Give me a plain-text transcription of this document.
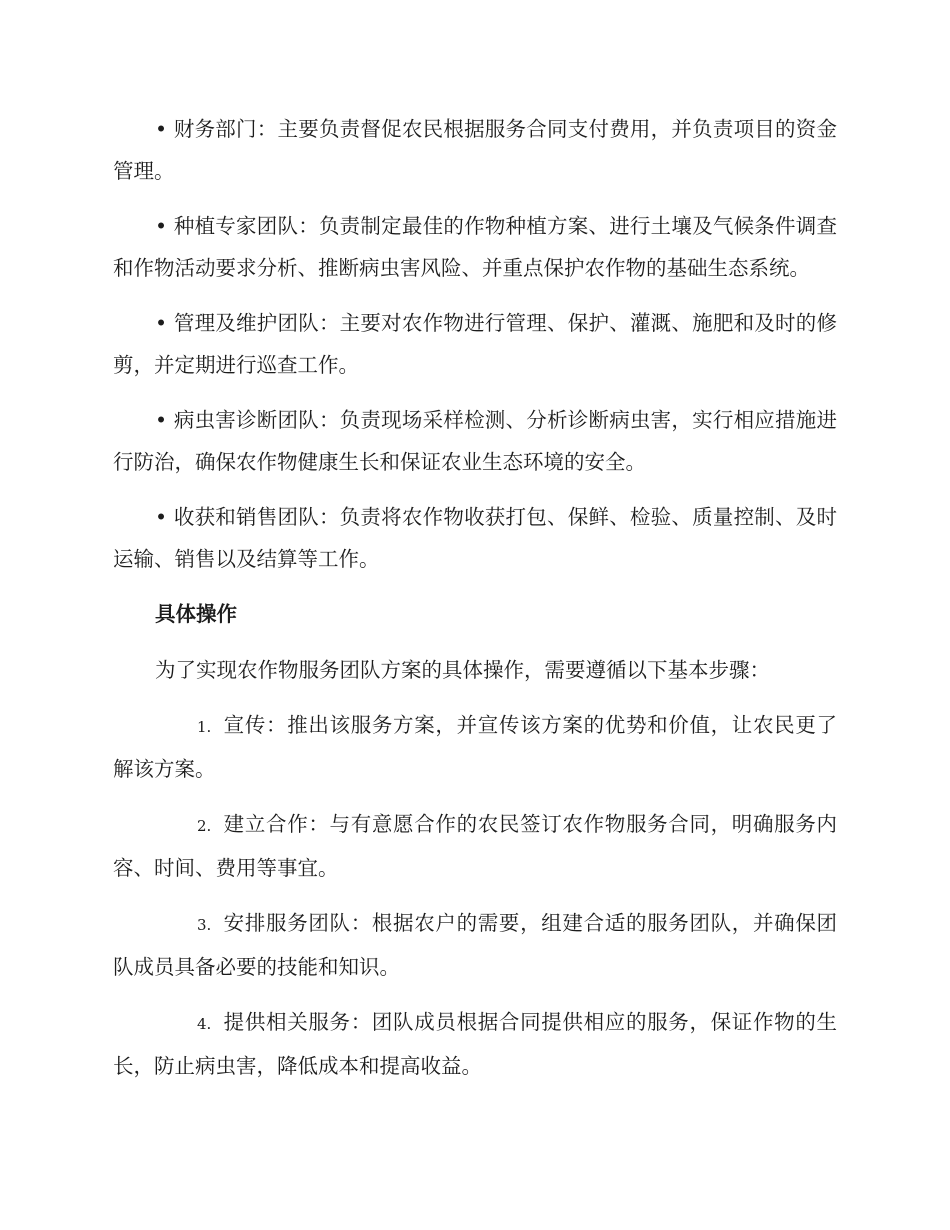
• 财务部门：主要负责督促农民根据服务合同支付费用，并负责项目的资金管理。

• 种植专家团队：负责制定最佳的作物种植方案、进行土壤及气候条件调查和作物活动要求分析、推断病虫害风险、并重点保护农作物的基础生态系统。

• 管理及维护团队：主要对农作物进行管理、保护、灌溉、施肥和及时的修剪，并定期进行巡查工作。

• 病虫害诊断团队：负责现场采样检测、分析诊断病虫害，实行相应措施进行防治，确保农作物健康生长和保证农业生态环境的安全。

• 收获和销售团队：负责将农作物收获打包、保鲜、检验、质量控制、及时运输、销售以及结算等工作。

具体操作

为了实现农作物服务团队方案的具体操作，需要遵循以下基本步骤：

1. 宣传：推出该服务方案，并宣传该方案的优势和价值，让农民更了解该方案。

2. 建立合作：与有意愿合作的农民签订农作物服务合同，明确服务内容、时间、费用等事宜。

3. 安排服务团队：根据农户的需要，组建合适的服务团队，并确保团队成员具备必要的技能和知识。

4. 提供相关服务：团队成员根据合同提供相应的服务，保证作物的生长，防止病虫害，降低成本和提高收益。
